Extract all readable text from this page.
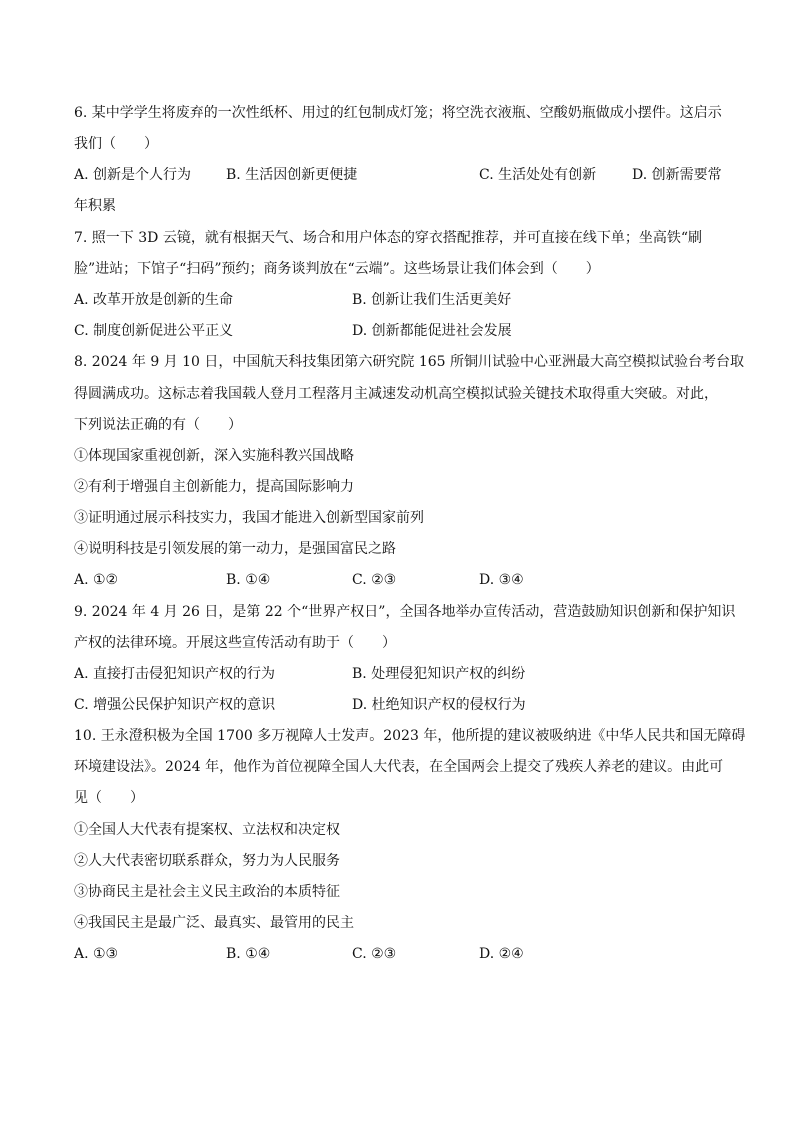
6. 某中学学生将废弃的一次性纸杯、用过的红包制成灯笼；将空洗衣液瓶、空酸奶瓶做成小摆件。这启示
我们（　　）
A. 创新是个人行为 B. 生活因创新更便捷	C. 生活处处有创新	D. 创新需要常
年积累
7. 照一下 3D 云镜，就有根据天气、场合和用户体态的穿衣搭配推荐，并可直接在线下单；坐高铁“刷
脸”进站；下馆子“扫码”预约；商务谈判放在“云端”。这些场景让我们体会到（　　）
A. 改革开放是创新的生命	B. 创新让我们生活更美好
C. 制度创新促进公平正义	D. 创新都能促进社会发展
8. 2024 年 9 月 10 日，中国航天科技集团第六研究院 165 所铜川试验中心亚洲最大高空模拟试验台考台取
得圆满成功。这标志着我国载人登月工程落月主减速发动机高空模拟试验关键技术取得重大突破。对此，
下列说法正确的有（　　）
①体现国家重视创新，深入实施科教兴国战略
②有利于增强自主创新能力，提高国际影响力
③证明通过展示科技实力，我国才能进入创新型国家前列
④说明科技是引领发展的第一动力，是强国富民之路
A. ①②	B. ①④	C. ②③	D. ③④
9. 2024 年 4 月 26 日，是第 22 个“世界产权日”，全国各地举办宣传活动，营造鼓励知识创新和保护知识
产权的法律环境。开展这些宣传活动有助于（　　）
A. 直接打击侵犯知识产权的行为	B. 处理侵犯知识产权的纠纷
C. 增强公民保护知识产权的意识	D. 杜绝知识产权的侵权行为
10. 王永澄积极为全国 1700 多万视障人士发声。2023 年，他所提的建议被吸纳进《中华人民共和国无障碍
环境建设法》。2024 年，他作为首位视障全国人大代表，在全国两会上提交了残疾人养老的建议。由此可
见（　　）
①全国人大代表有提案权、立法权和决定权
②人大代表密切联系群众，努力为人民服务
③协商民主是社会主义民主政治的本质特征
④我国民主是最广泛、最真实、最管用的民主
A. ①③	B. ①④	C. ②③	D. ②④
